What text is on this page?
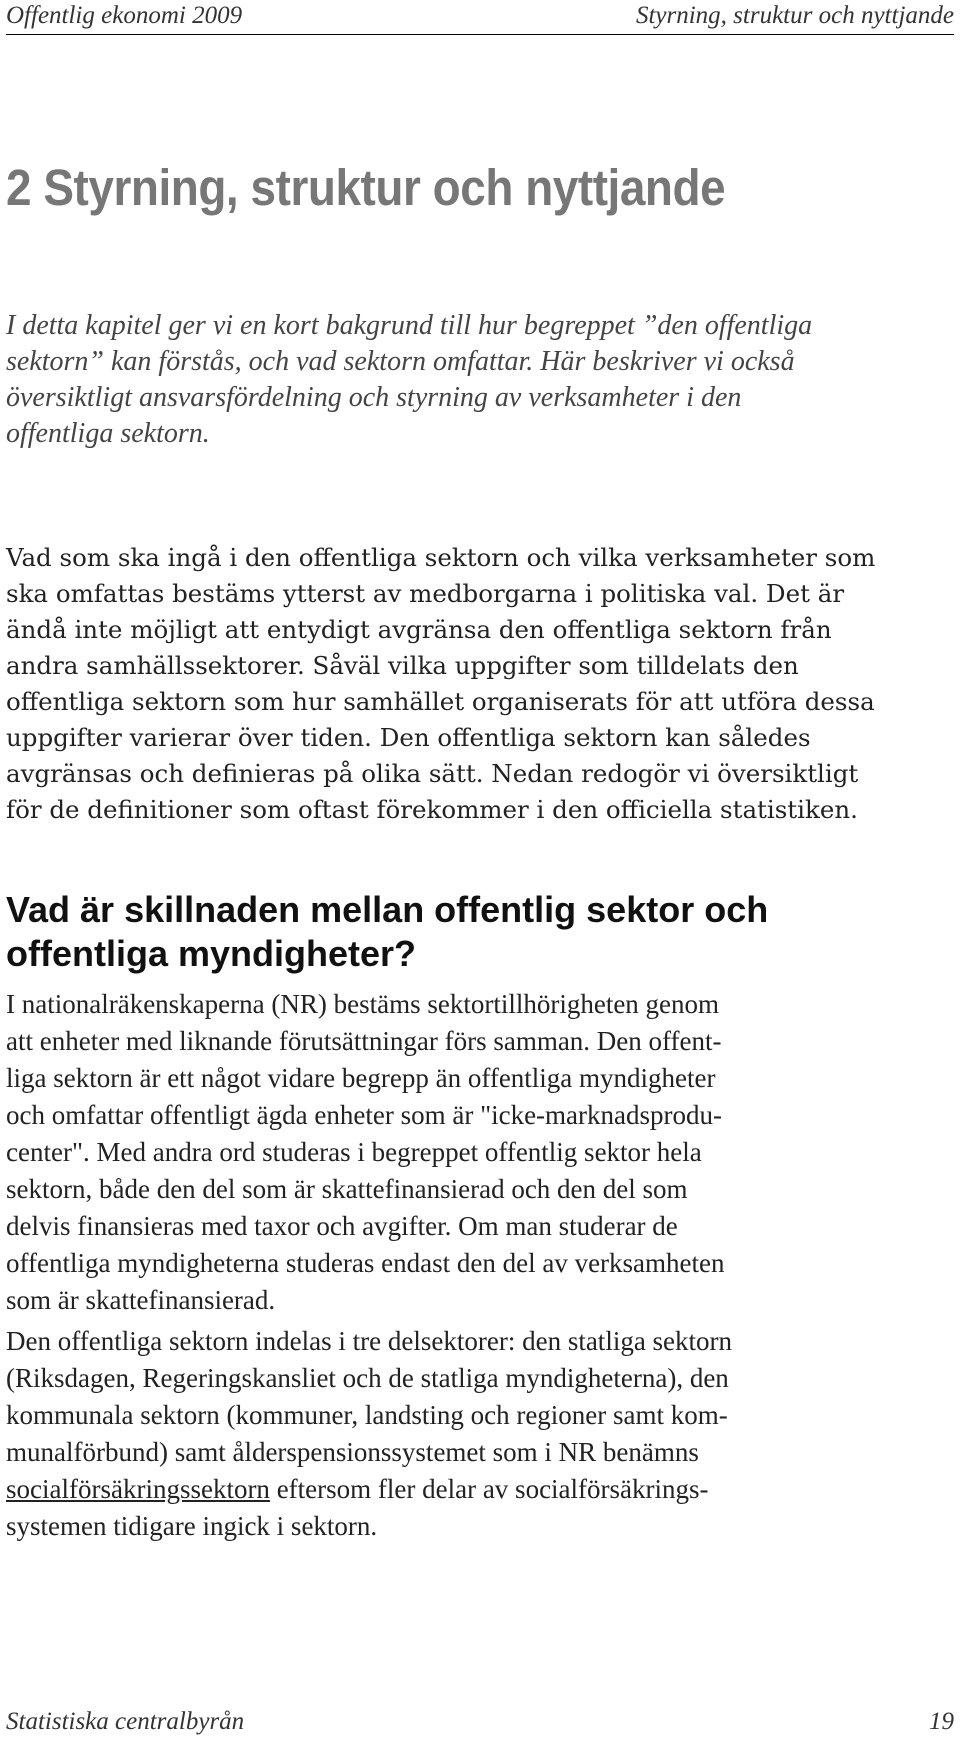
Offentlig ekonomi 2009	Styrning, struktur och nyttjande
2 Styrning, struktur och nyttjande
I detta kapitel ger vi en kort bakgrund till hur begreppet ”den offentliga
sektorn” kan förstås, och vad sektorn omfattar. Här beskriver vi också
översiktligt ansvarsfördelning och styrning av verksamheter i den
offentliga sektorn.
Vad som ska ingå i den offentliga sektorn och vilka verksamheter som
ska omfattas bestäms ytterst av medborgarna i politiska val. Det är
ändå inte möjligt att entydigt avgränsa den offentliga sektorn från
andra samhällssektorer. Såväl vilka uppgifter som tilldelats den
offentliga sektorn som hur samhället organiserats för att utföra dessa
uppgifter varierar över tiden. Den offentliga sektorn kan således
avgränsas och definieras på olika sätt. Nedan redogör vi översiktligt
för de definitioner som oftast förekommer i den officiella statistiken.
Vad är skillnaden mellan offentlig sektor och
offentliga myndigheter?
I nationalräkenskaperna (NR) bestäms sektortillhörigheten genom
att enheter med liknande förutsättningar förs samman. Den offent-
liga sektorn är ett något vidare begrepp än offentliga myndigheter
och omfattar offentligt ägda enheter som är "icke-marknadsprodu-
center". Med andra ord studeras i begreppet offentlig sektor hela
sektorn, både den del som är skattefinansierad och den del som
delvis finansieras med taxor och avgifter. Om man studerar de
offentliga myndigheterna studeras endast den del av verksamheten
som är skattefinansierad.
Den offentliga sektorn indelas i tre delsektorer: den statliga sektorn
(Riksdagen, Regeringskansliet och de statliga myndigheterna), den
kommunala sektorn (kommuner, landsting och regioner samt kom-
munalförbund) samt ålderspensionssystemet som i NR benämns
socialförsäkringssektorn eftersom fler delar av socialförsäkrings-
systemen tidigare ingick i sektorn.
Statistiska centralbyrån	19
